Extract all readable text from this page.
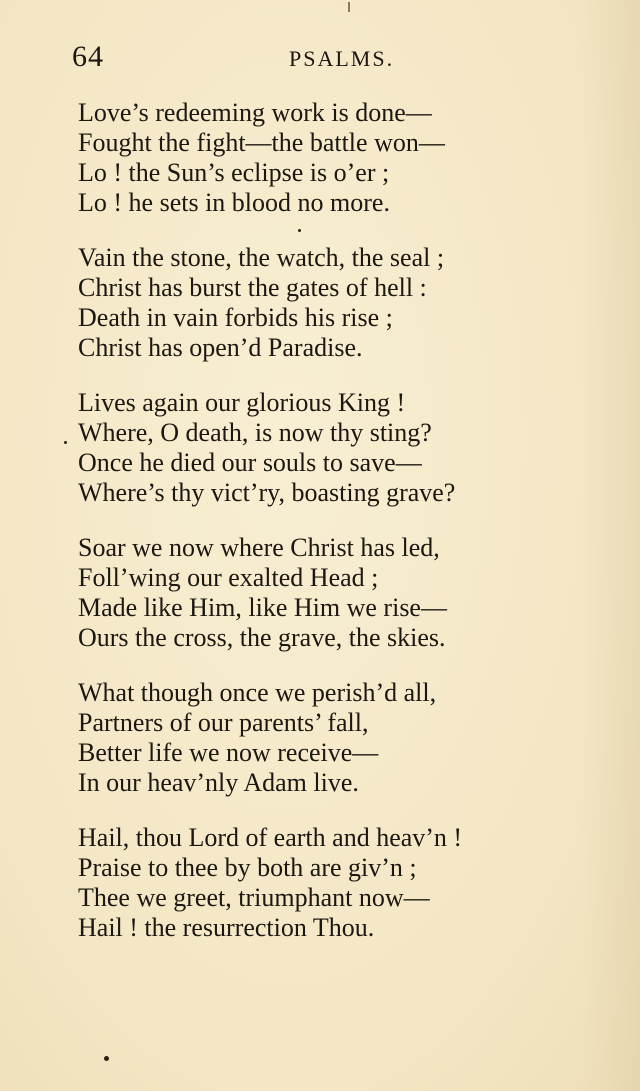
64	PSALMS.
Love’s redeeming work is done—
Fought the fight—the battle won—
Lo ! the Sun’s eclipse is o’er ;
Lo ! he sets in blood no more.
Vain the stone, the watch, the seal ;
Christ has burst the gates of hell :
Death in vain forbids his rise ;
Christ has open’d Paradise.
Lives again our glorious King !
Where, O death, is now thy sting?
Once he died our souls to save—
Where’s thy vict’ry, boasting grave?
Soar we now where Christ has led,
Foll’wing our exalted Head ;
Made like Him, like Him we rise—
Ours the cross, the grave, the skies.
What though once we perish’d all,
Partners of our parents’ fall,
Better life we now receive—
In our heav’nly Adam live.
Hail, thou Lord of earth and heav’n !
Praise to thee by both are giv’n ;
Thee we greet, triumphant now—
Hail ! the resurrection Thou.
